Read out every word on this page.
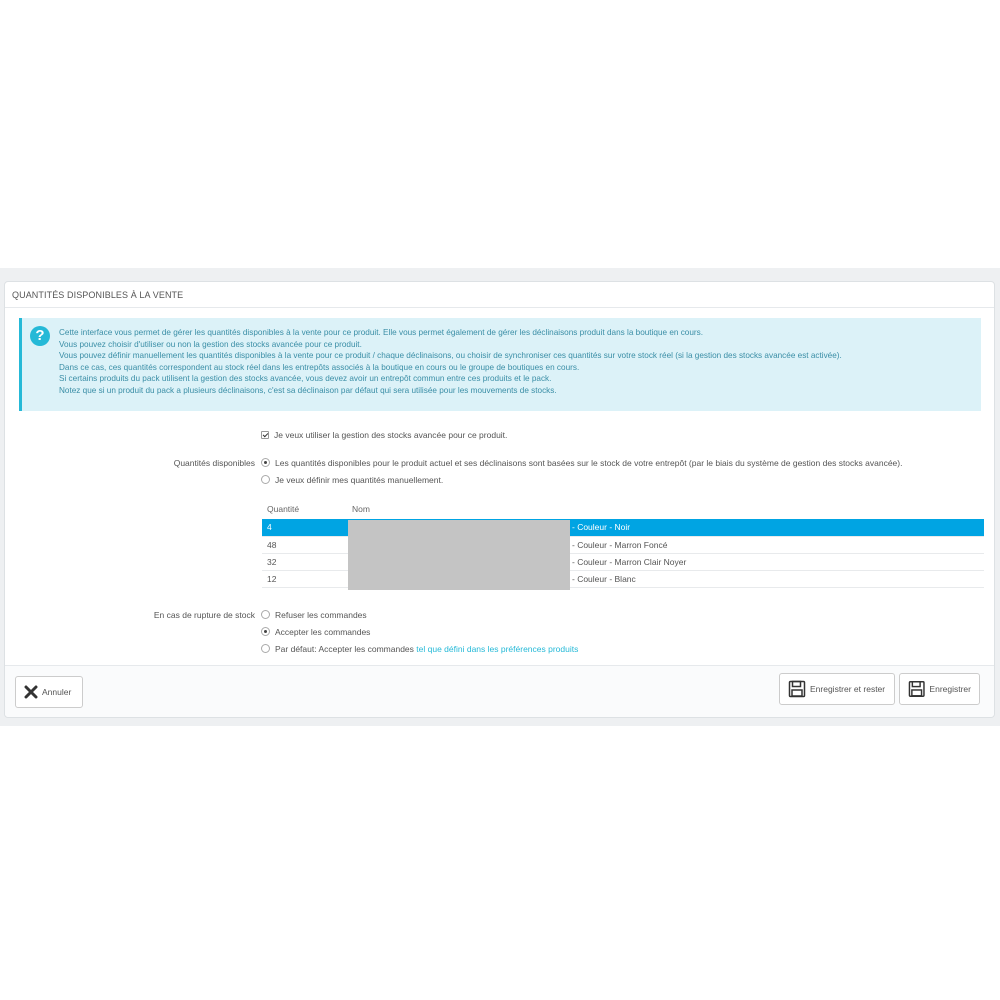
QUANTITÉS DISPONIBLES À LA VENTE
?	Cette interface vous permet de gérer les quantités disponibles à la vente pour ce produit. Elle vous permet également de gérer les déclinaisons produit dans la boutique en cours.

Vous pouvez choisir d'utiliser ou non la gestion des stocks avancée pour ce produit.

Vous pouvez définir manuellement les quantités disponibles à la vente pour ce produit / chaque déclinaisons, ou choisir de synchroniser ces quantités sur votre stock réel (si la gestion des stocks avancée est activée).

Dans ce cas, ces quantités correspondent au stock réel dans les entrepôts associés à la boutique en cours ou le groupe de boutiques en cours.

Si certains produits du pack utilisent la gestion des stocks avancée, vous devez avoir un entrepôt commun entre ces produits et le pack.

Notez que si un produit du pack a plusieurs déclinaisons, c'est sa déclinaison par défaut qui sera utilisée pour les mouvements de stocks.

Je veux utiliser la gestion des stocks avancée pour ce produit.
Quantités disponibles	Les quantités disponibles pour le produit actuel et ses déclinaisons sont basées sur le stock de votre entrepôt (par le biais du système de gestion des stocks avancée).
Je veux définir mes quantités manuellement.
Quantité	Nom	
4		- Couleur - Noir
48		- Couleur - Marron Foncé
32		- Couleur - Marron Clair Noyer
12		- Couleur - Blanc
En cas de rupture de stock	Refuser les commandes
Accepter les commandes
Par défaut: Accepter les commandes tel que défini dans les préférences produits
Annuler	Enregistrer et rester	Enregistrer
